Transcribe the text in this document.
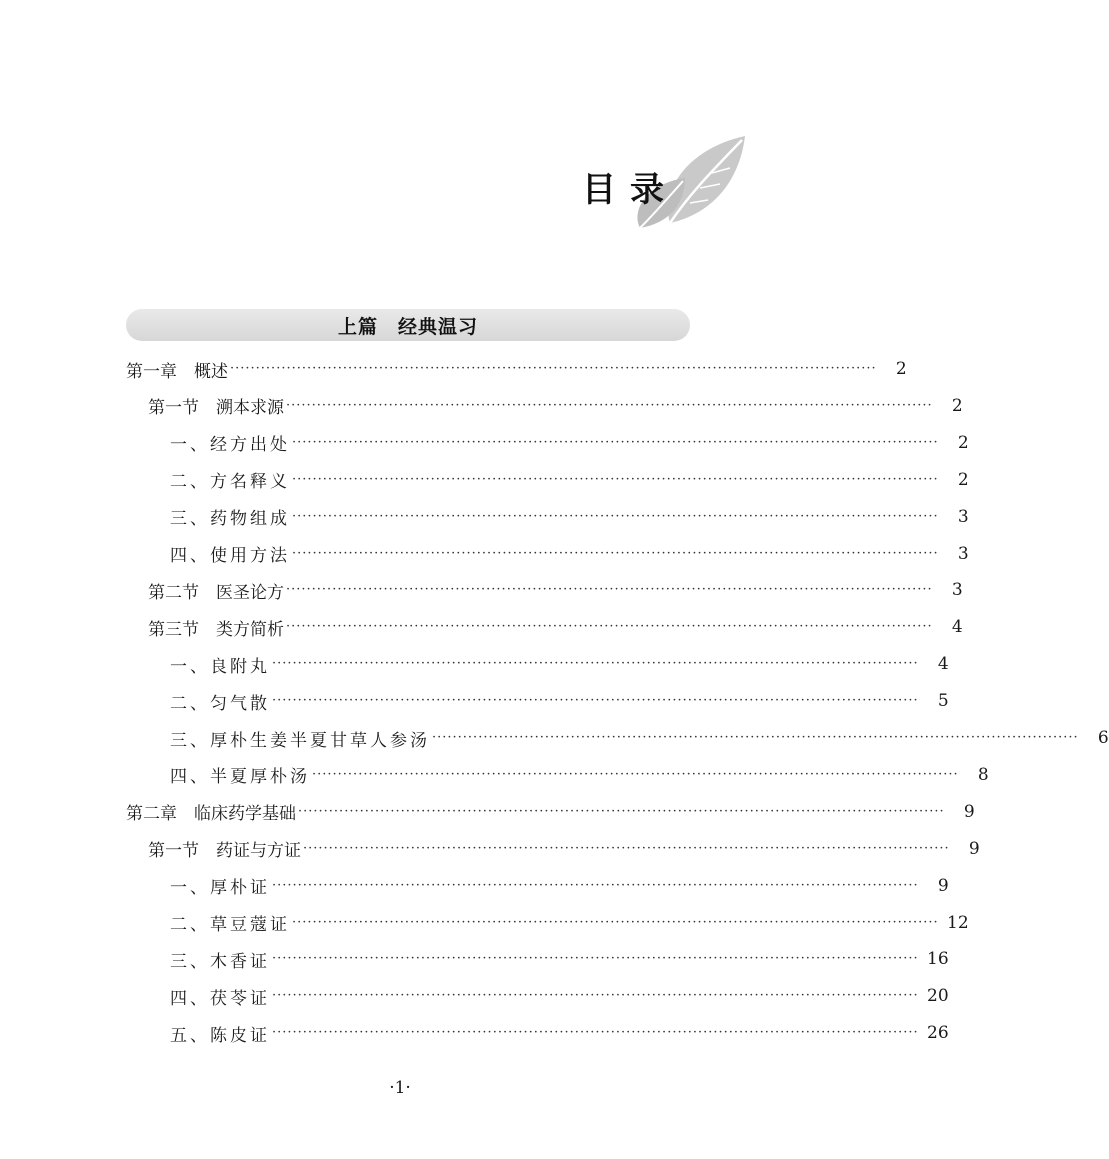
目录
上篇　经典温习
第一章　概述 ······························································································································	2
第一节　溯本求源 ······························································································································	2
一、经方出处 ······························································································································	2
二、方名释义 ······························································································································	2
三、药物组成 ······························································································································	3
四、使用方法 ······························································································································	3
第二节　医圣论方 ······························································································································	3
第三节　类方简析 ······························································································································	4
一、良附丸 ······························································································································	4
二、匀气散 ······························································································································	5
三、厚朴生姜半夏甘草人参汤 ······························································································································	6
四、半夏厚朴汤 ······························································································································	8
第二章　临床药学基础 ······························································································································	9
第一节　药证与方证 ······························································································································	9
一、厚朴证 ······························································································································	9
二、草豆蔻证 ······························································································································ 12
三、木香证 ······························································································································ 16
四、茯苓证 ······························································································································ 20
五、陈皮证 ······························································································································ 26
·1·
